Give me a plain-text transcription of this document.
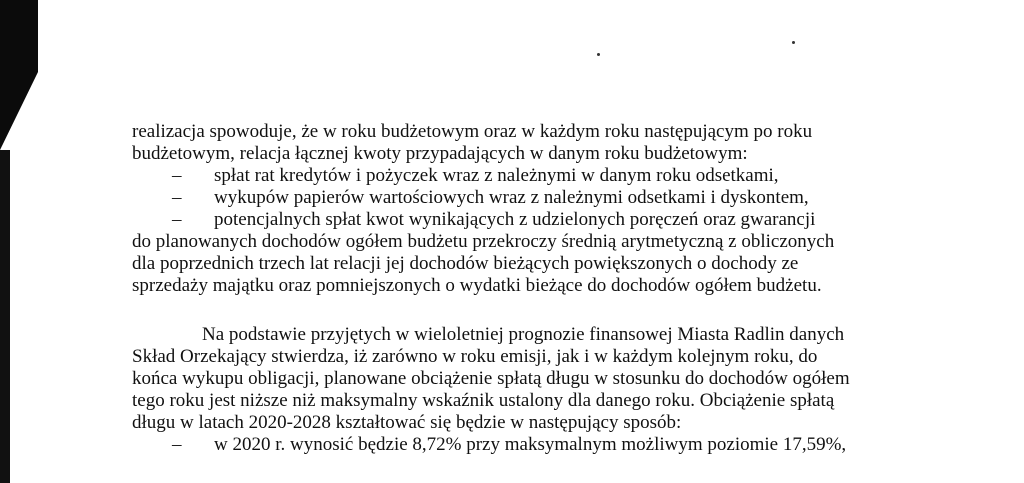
realizacja spowoduje, że w roku budżetowym oraz w każdym roku następującym po roku
budżetowym, relacja łącznej kwoty przypadających w danym roku budżetowym:
–	spłat rat kredytów i pożyczek wraz z należnymi w danym roku odsetkami,
–	wykupów papierów wartościowych wraz z należnymi odsetkami i dyskontem,
–	potencjalnych spłat kwot wynikających z udzielonych poręczeń oraz gwarancji
do planowanych dochodów ogółem budżetu przekroczy średnią arytmetyczną z obliczonych
dla poprzednich trzech lat relacji jej dochodów bieżących powiększonych o dochody ze
sprzedaży majątku oraz pomniejszonych o wydatki bieżące do dochodów ogółem budżetu.
Na podstawie przyjętych w wieloletniej prognozie finansowej Miasta Radlin danych
Skład Orzekający stwierdza, iż zarówno w roku emisji, jak i w każdym kolejnym roku, do
końca wykupu obligacji, planowane obciążenie spłatą długu w stosunku do dochodów ogółem
tego roku jest niższe niż maksymalny wskaźnik ustalony dla danego roku. Obciążenie spłatą
długu w latach 2020-2028 kształtować się będzie w następujący sposób:
–	w 2020 r. wynosić będzie 8,72% przy maksymalnym możliwym poziomie 17,59%,
